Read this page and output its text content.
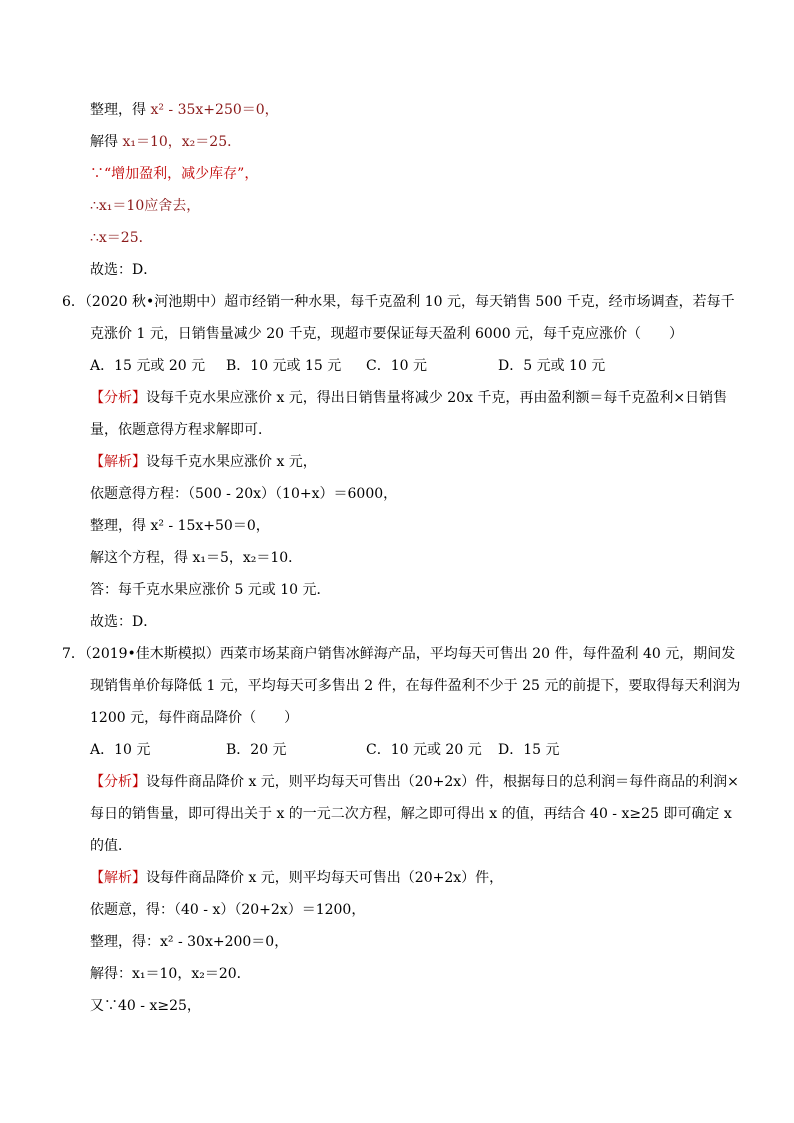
整理，得 x² - 35x+250＝0，
解得 x₁＝10，x₂＝25．
∵“增加盈利，减少库存”，
∴x₁＝10应舍去，
∴x＝25．
故选：D．
6．（2020 秋•河池期中）超市经销一种水果，每千克盈利 10 元，每天销售 500 千克，经市场调查，若每千
克涨价 1 元，日销售量减少 20 千克，现超市要保证每天盈利 6000 元，每千克应涨价（　　）
A．15 元或 20 元 B．10 元或 15 元 C．10 元	D．5 元或 10 元
【分析】设每千克水果应涨价 x 元，得出日销售量将减少 20x 千克，再由盈利额＝每千克盈利×日销售
量，依题意得方程求解即可．
【解析】设每千克水果应涨价 x 元，
依题意得方程：（500 - 20x）（10+x）＝6000，
整理，得 x² - 15x+50＝0，
解这个方程，得 x₁＝5，x₂＝10．
答：每千克水果应涨价 5 元或 10 元．
故选：D．
7．（2019•佳木斯模拟）西菜市场某商户销售冰鲜海产品，平均每天可售出 20 件，每件盈利 40 元，期间发
现销售单价每降低 1 元，平均每天可多售出 2 件，在每件盈利不少于 25 元的前提下，要取得每天利润为
1200 元，每件商品降价（　　）
A．10 元	B．20 元	C．10 元或 20 元 D．15 元
【分析】设每件商品降价 x 元，则平均每天可售出（20+2x）件，根据每日的总利润＝每件商品的利润×
每日的销售量，即可得出关于 x 的一元二次方程，解之即可得出 x 的值，再结合 40 - x≥25 即可确定 x
的值．
【解析】设每件商品降价 x 元，则平均每天可售出（20+2x）件，
依题意，得：（40 - x）（20+2x）＝1200，
整理，得：x² - 30x+200＝0，
解得：x₁＝10，x₂＝20．
又∵40 - x≥25，
